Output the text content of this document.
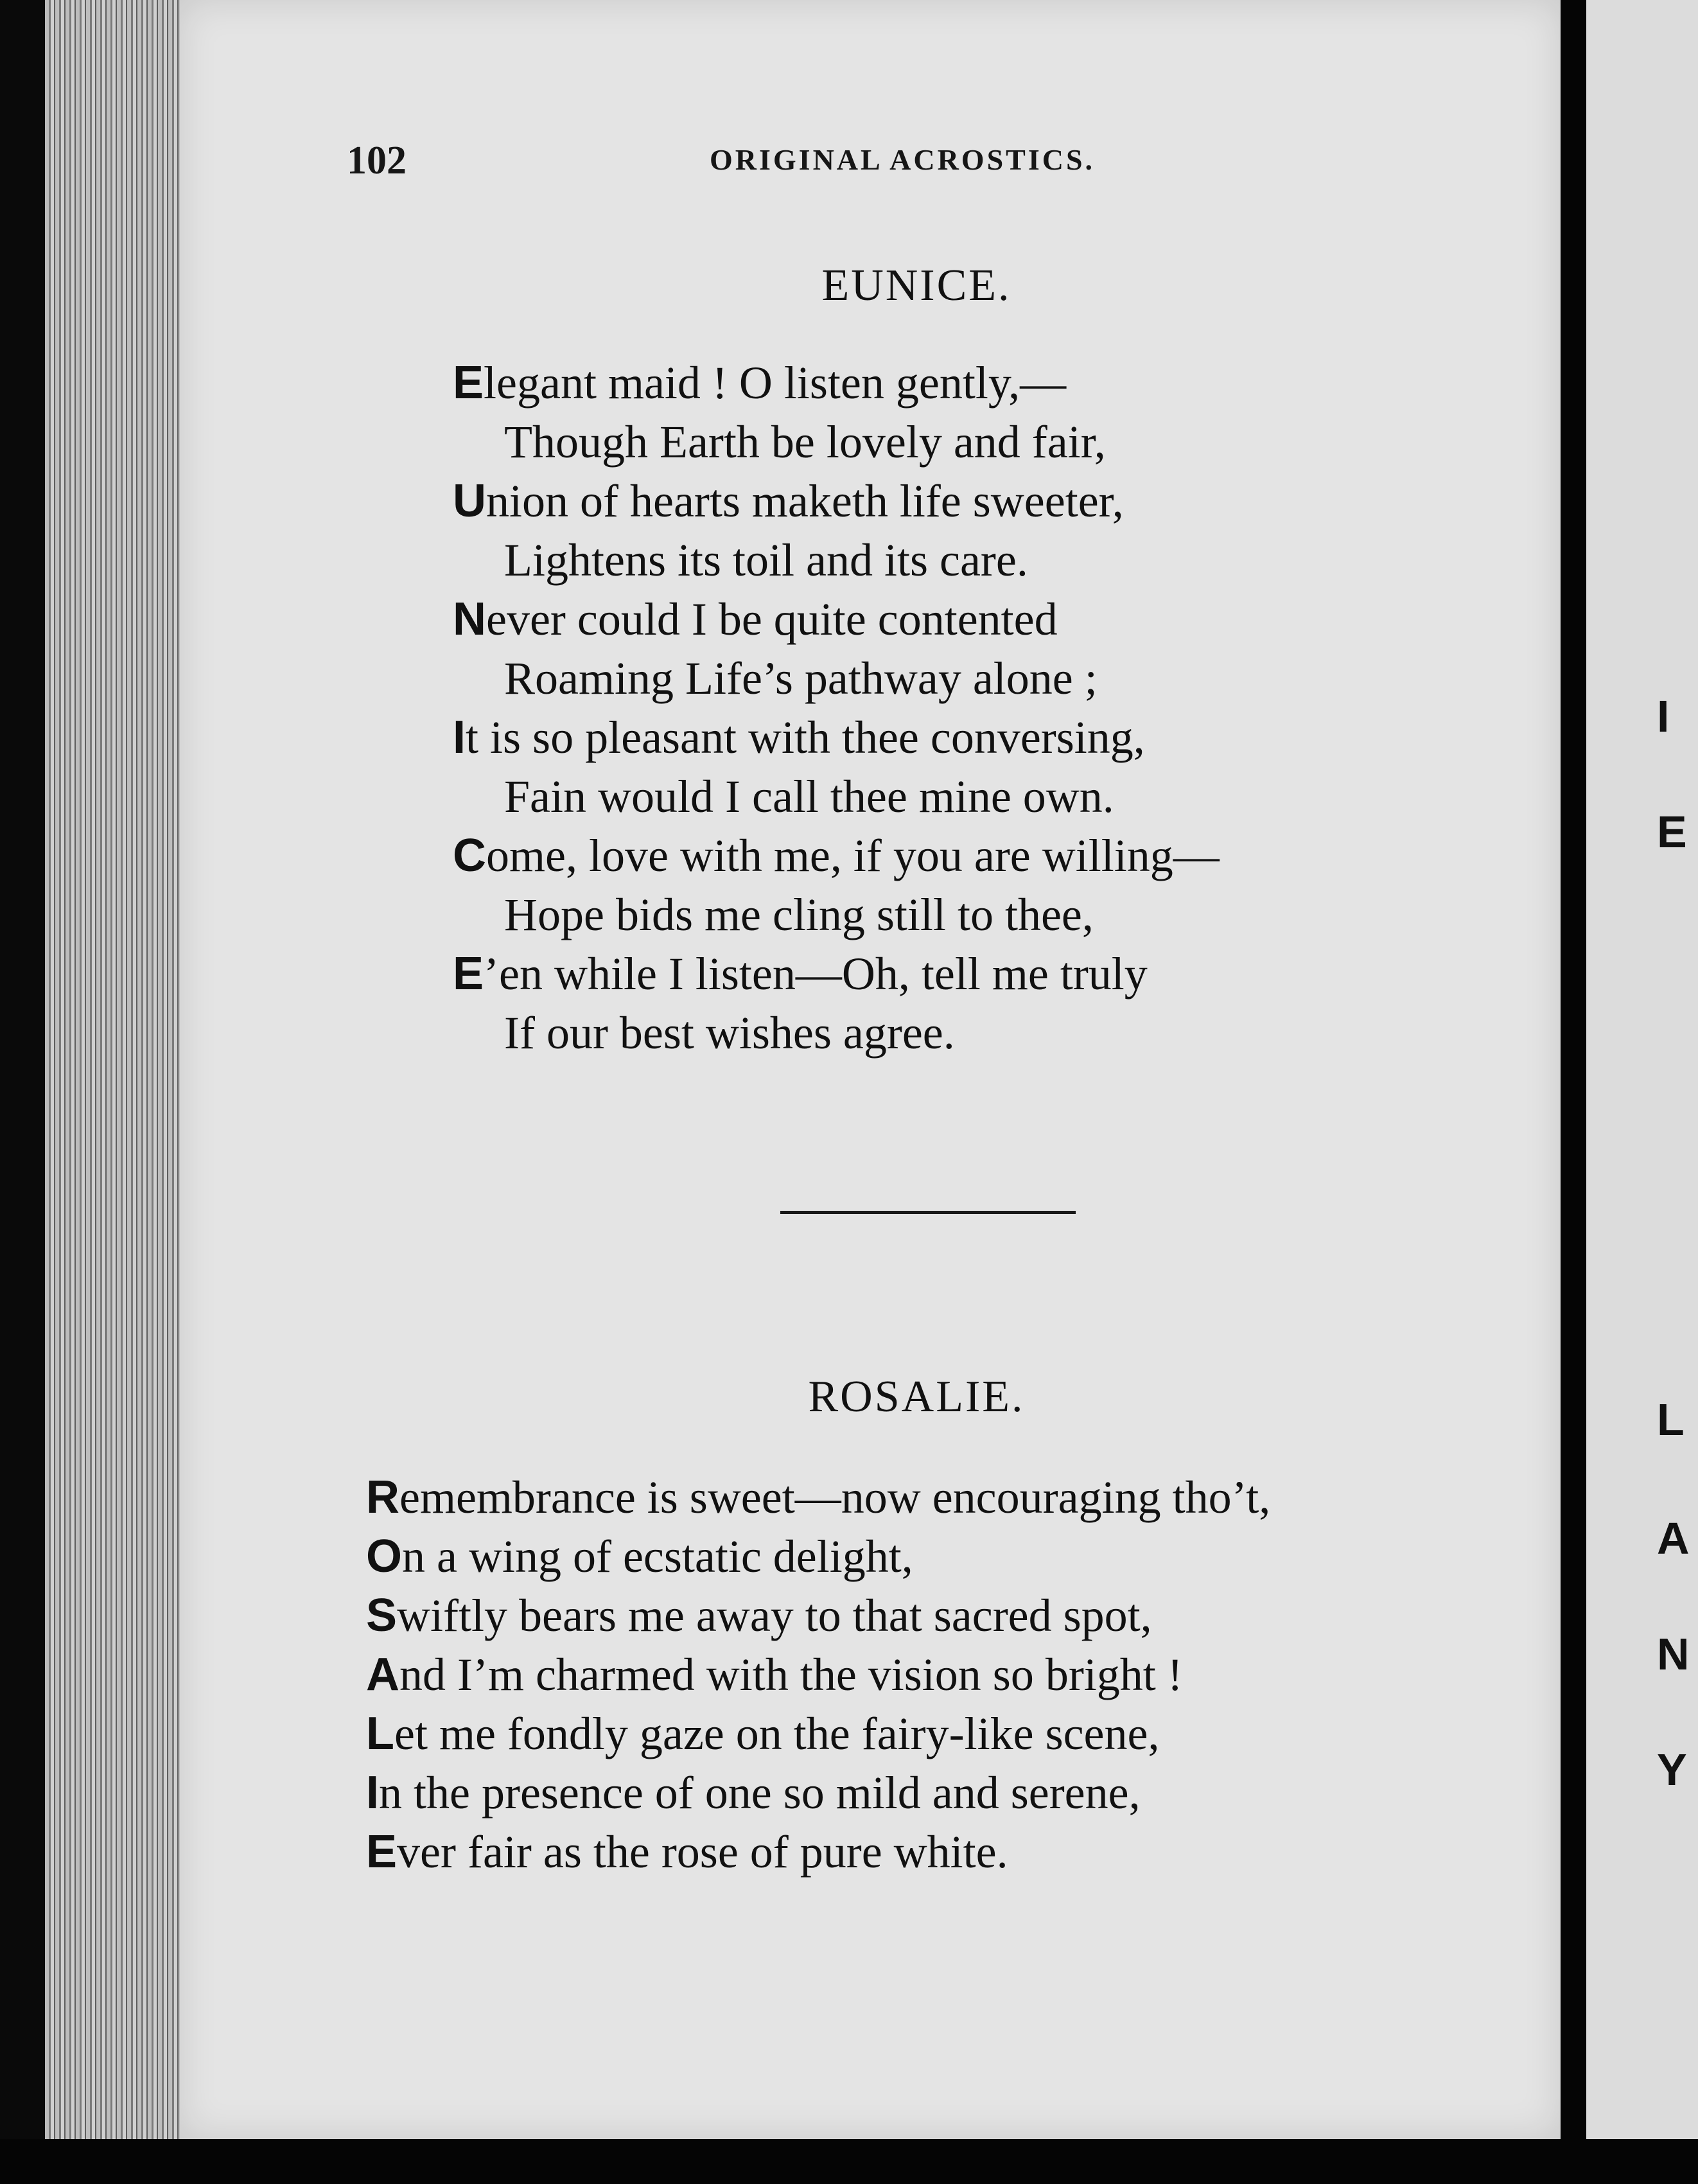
I
E
L
A
N
Y
102	ORIGINAL ACROSTICS.
EUNICE.
Elegant maid ! O listen gently,—
Though Earth be lovely and fair,
Union of hearts maketh life sweeter,
Lightens its toil and its care.
Never could I be quite contented
Roaming Life’s pathway alone ;
It is so pleasant with thee conversing,
Fain would I call thee mine own.
Come, love with me, if you are willing—
Hope bids me cling still to thee,
E’en while I listen—Oh, tell me truly
If our best wishes agree.
ROSALIE.
Remembrance is sweet—now encouraging tho’t,
On a wing of ecstatic delight,
Swiftly bears me away to that sacred spot,
And I’m charmed with the vision so bright !
Let me fondly gaze on the fairy-like scene,
In the presence of one so mild and serene,
Ever fair as the rose of pure white.
